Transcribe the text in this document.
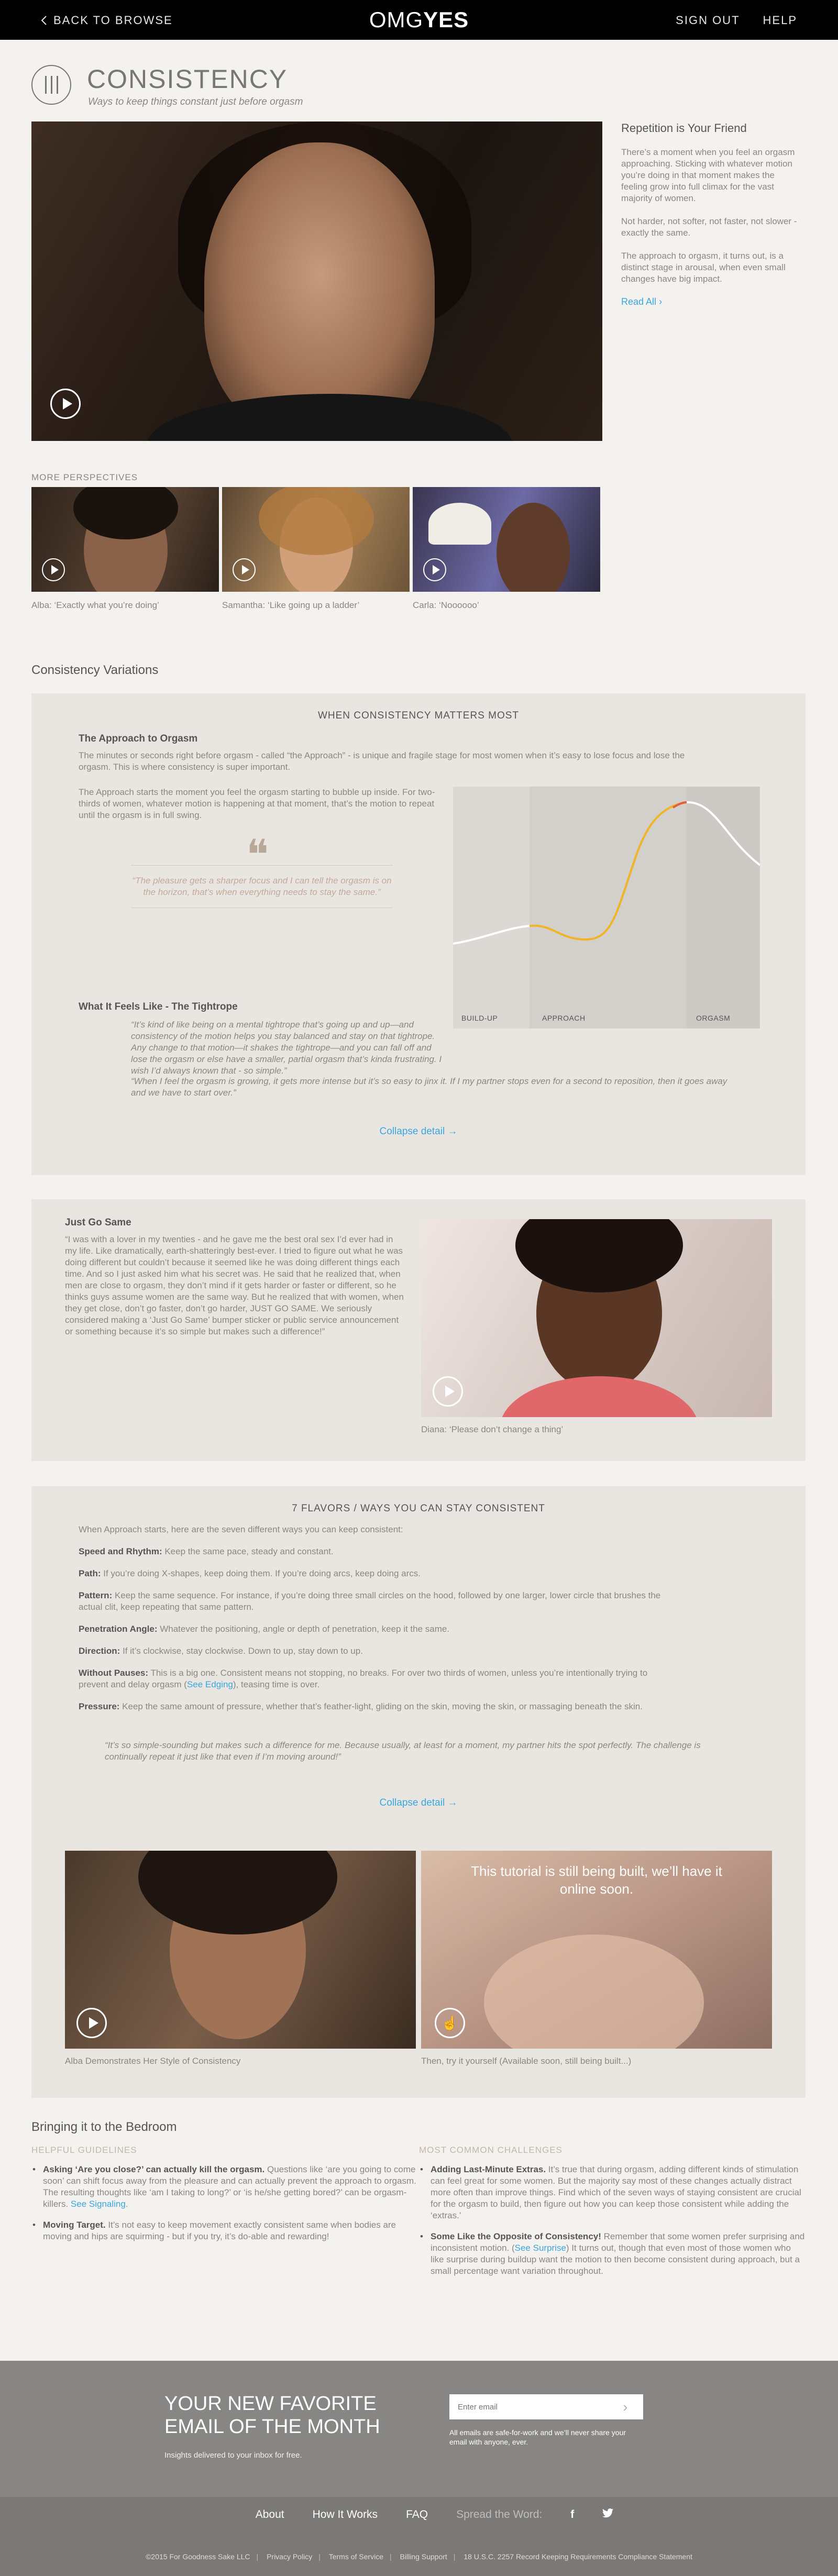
BACK TO BROWSE	OMGYES	SIGN OUT HELP
CONSISTENCY
Ways to keep things constant just before orgasm
Repetition is Your Friend

There’s a moment when you feel an orgasm approaching. Sticking with whatever motion you’re doing in that moment makes the feeling grow into full climax for the vast majority of women.

Not harder, not softer, not faster, not slower - exactly the same.

The approach to orgasm, it turns out, is a distinct stage in arousal, when even small changes have big impact.

Read All ›
MORE PERSPECTIVES
Alba: ‘Exactly what you’re doing’	Samantha: ‘Like going up a ladder’	Carla: ‘Noooooo’
Consistency Variations
WHEN CONSISTENCY MATTERS MOST
The Approach to Orgasm
The minutes or seconds right before orgasm - called “the Approach” - is unique and fragile stage for most women when it’s easy to lose focus and lose the orgasm. This is where consistency is super important.
The Approach starts the moment you feel the orgasm starting to bubble up inside. For two-thirds of women, whatever motion is happening at that moment, that’s the motion to repeat until the orgasm is in full swing.
❝
“The pleasure gets a sharper focus and I can tell the orgasm is on the horizon, that’s when everything needs to stay the same.”
BUILD-UP	APPROACH	ORGASM
What It Feels Like - The Tightrope
“It’s kind of like being on a mental tightrope that’s going up and up—and consistency of the motion helps you stay balanced and stay on that tightrope. Any change to that motion—it shakes the tightrope—and you can fall off and lose the orgasm or else have a smaller, partial orgasm that’s kinda frustrating. I wish I’d always known that - so simple.”
“When I feel the orgasm is growing, it gets more intense but it’s so easy to jinx it. If I my partner stops even for a second to reposition, then it goes away and we have to start over.”
Collapse detail →
Just Go Same
“I was with a lover in my twenties - and he gave me the best oral sex I’d ever had in my life. Like dramatically, earth-shatteringly best-ever. I tried to figure out what he was doing different but couldn’t because it seemed like he was doing different things each time. And so I just asked him what his secret was. He said that he realized that, when men are close to orgasm, they don’t mind if it gets harder or faster or different, so he thinks guys assume women are the same way. But he realized that with women, when they get close, don’t go faster, don’t go harder, JUST GO SAME. We seriously considered making a ‘Just Go Same’ bumper sticker or public service announcement or something because it’s so simple but makes such a difference!”
Diana: ‘Please don’t change a thing’
7 FLAVORS / WAYS YOU CAN STAY CONSISTENT
When Approach starts, here are the seven different ways you can keep consistent:
Speed and Rhythm: Keep the same pace, steady and constant.
Path: If you’re doing X-shapes, keep doing them. If you’re doing arcs, keep doing arcs.
Pattern: Keep the same sequence. For instance, if you’re doing three small circles on the hood, followed by one larger, lower circle that brushes the actual clit, keep repeating that same pattern.
Penetration Angle: Whatever the positioning, angle or depth of penetration, keep it the same.
Direction: If it’s clockwise, stay clockwise. Down to up, stay down to up.
Without Pauses: This is a big one. Consistent means not stopping, no breaks. For over two thirds of women, unless you’re intentionally trying to prevent and delay orgasm (See Edging), teasing time is over.
Pressure: Keep the same amount of pressure, whether that’s feather-light, gliding on the skin, moving the skin, or massaging beneath the skin.
“It’s so simple-sounding but makes such a difference for me. Because usually, at least for a moment, my partner hits the spot perfectly. The challenge is continually repeat it just like that even if I’m moving around!”
Collapse detail →
This tutorial is still being built, we’ll have it online soon.
☝
Alba Demonstrates Her Style of Consistency	Then, try it yourself (Available soon, still being built...)
Bringing it to the Bedroom
HELPFUL GUIDELINES
• Asking ‘Are you close?’ can actually kill the orgasm. Questions like ‘are you going to come soon’ can shift focus away from the pleasure and can actually prevent the approach to orgasm. The resulting thoughts like ‘am I taking to long?’ or ‘is he/she getting bored?’ can be orgasm-killers. See Signaling.
• Moving Target. It’s not easy to keep movement exactly consistent same when bodies are moving and hips are squirming - but if you try, it’s do-able and rewarding!
MOST COMMON CHALLENGES
• Adding Last-Minute Extras. It’s true that during orgasm, adding different kinds of stimulation can feel great for some women. But the majority say most of these changes actually distract more often than improve things. Find which of the seven ways of staying consistent are crucial for the orgasm to build, then figure out how you can keep those consistent while adding the ‘extras.’
• Some Like the Opposite of Consistency! Remember that some women prefer surprising and inconsistent motion. (See Surprise) It turns out, though that even most of those women who like surprise during buildup want the motion to then become consistent during approach, but a small percentage want variation throughout.
YOUR NEW FAVORITE EMAIL OF THE MONTH
Insights delivered to your inbox for free.
Enter email
›
All emails are safe-for-work and we’ll never share your email with anyone, ever.
About	How It Works	FAQ	Spread the Word:	f
©2015 For Goodness Sake LLC | Privacy Policy | Terms of Service | Billing Support | 18 U.S.C. 2257 Record Keeping Requirements Compliance Statement
